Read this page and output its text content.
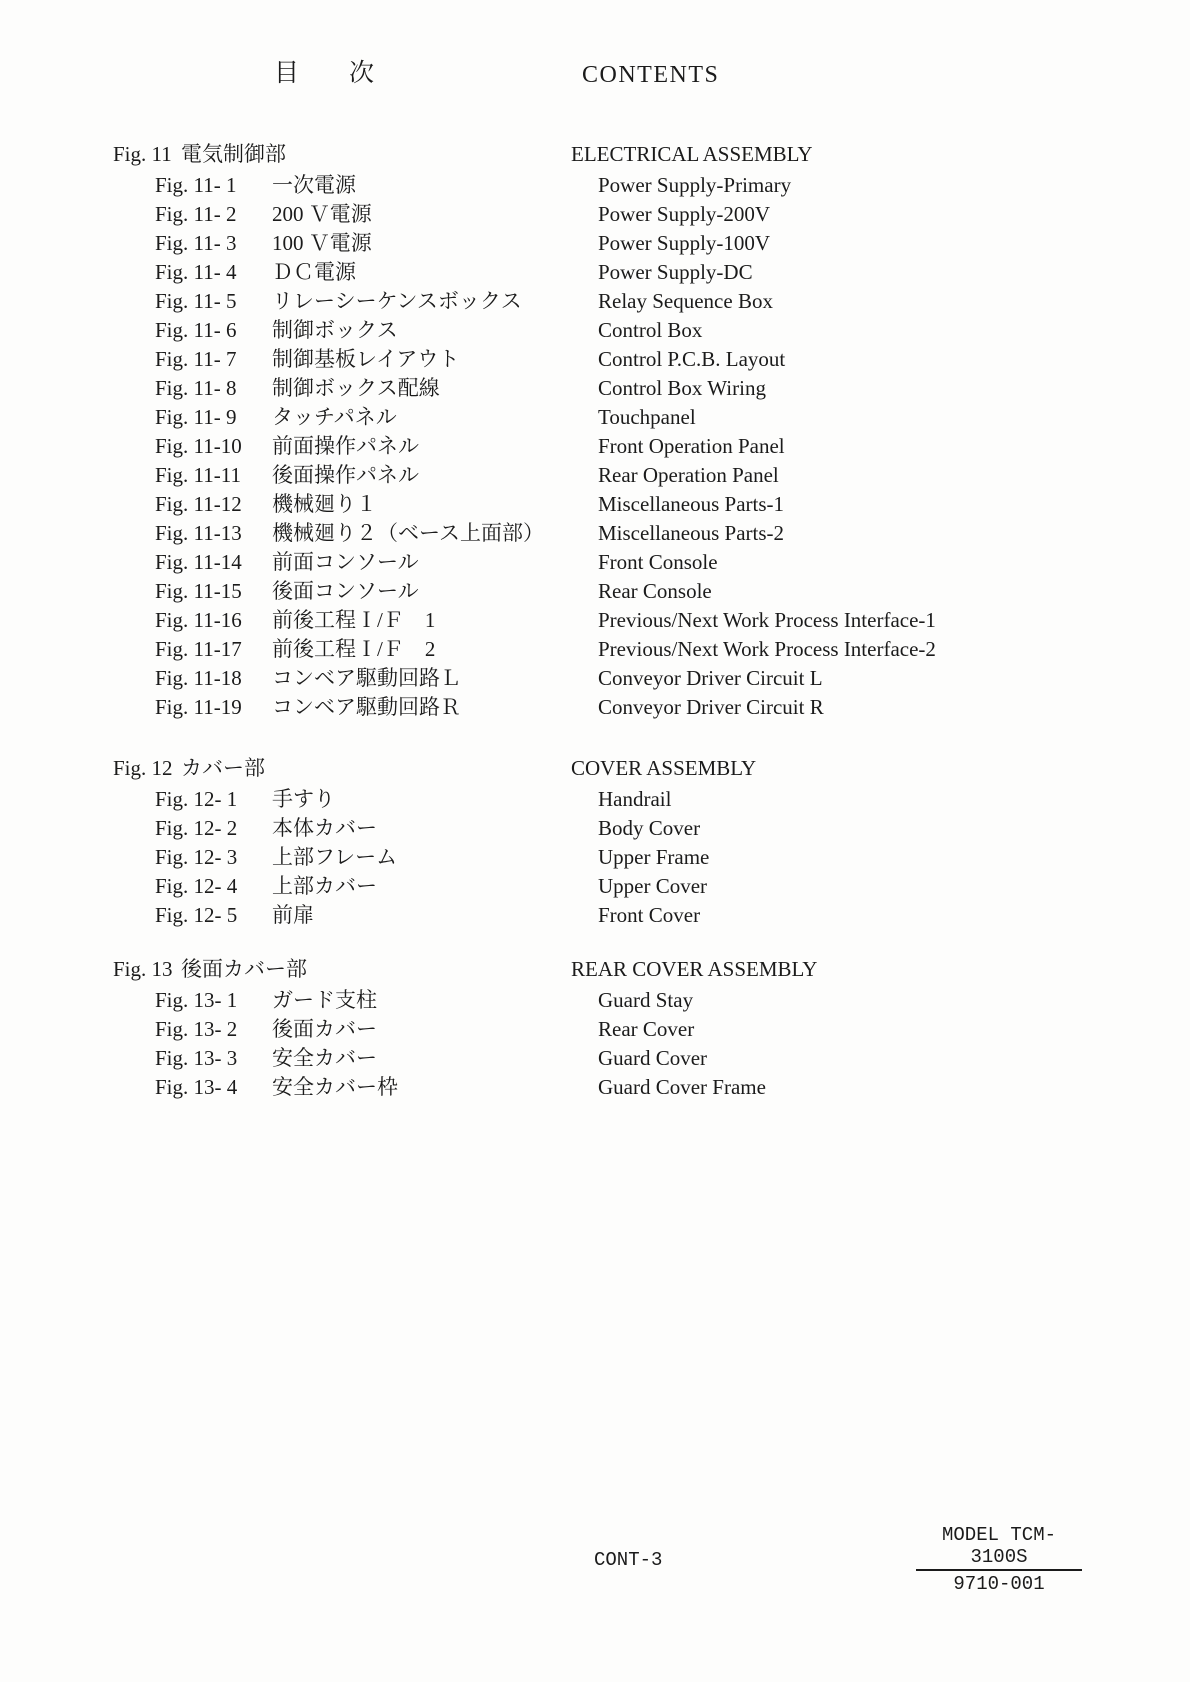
目　　次	CONTENTS
Fig. 11 電気制御部	ELECTRICAL ASSEMBLY
Fig. 11- 1 一次電源	Power Supply-Primary
Fig. 11- 2 200 Ｖ電源	Power Supply-200V
Fig. 11- 3 100 Ｖ電源	Power Supply-100V
Fig. 11- 4 ＤＣ電源	Power Supply-DC
Fig. 11- 5 リレーシーケンスボックス	Relay Sequence Box
Fig. 11- 6 制御ボックス	Control Box
Fig. 11- 7 制御基板レイアウト	Control P.C.B. Layout
Fig. 11- 8 制御ボックス配線	Control Box Wiring
Fig. 11- 9 タッチパネル	Touchpanel
Fig. 11-10 前面操作パネル	Front Operation Panel
Fig. 11-11 後面操作パネル	Rear Operation Panel
Fig. 11-12 機械廻り１	Miscellaneous Parts-1
Fig. 11-13 機械廻り２（ベース上面部）	Miscellaneous Parts-2
Fig. 11-14 前面コンソール	Front Console
Fig. 11-15 後面コンソール	Rear Console
Fig. 11-16 前後工程Ｉ/Ｆ　1	Previous/Next Work Process Interface-1
Fig. 11-17 前後工程Ｉ/Ｆ　2	Previous/Next Work Process Interface-2
Fig. 11-18 コンベア駆動回路Ｌ	Conveyor Driver Circuit L
Fig. 11-19 コンベア駆動回路Ｒ	Conveyor Driver Circuit R
Fig. 12 カバー部	COVER ASSEMBLY
Fig. 12- 1 手すり	Handrail
Fig. 12- 2 本体カバー	Body Cover
Fig. 12- 3 上部フレーム	Upper Frame
Fig. 12- 4 上部カバー	Upper Cover
Fig. 12- 5 前扉	Front Cover
Fig. 13 後面カバー部	REAR COVER ASSEMBLY
Fig. 13- 1 ガード支柱	Guard Stay
Fig. 13- 2 後面カバー	Rear Cover
Fig. 13- 3 安全カバー	Guard Cover
Fig. 13- 4 安全カバー枠	Guard Cover Frame
CONT-3
MODEL TCM-3100S
9710-001
